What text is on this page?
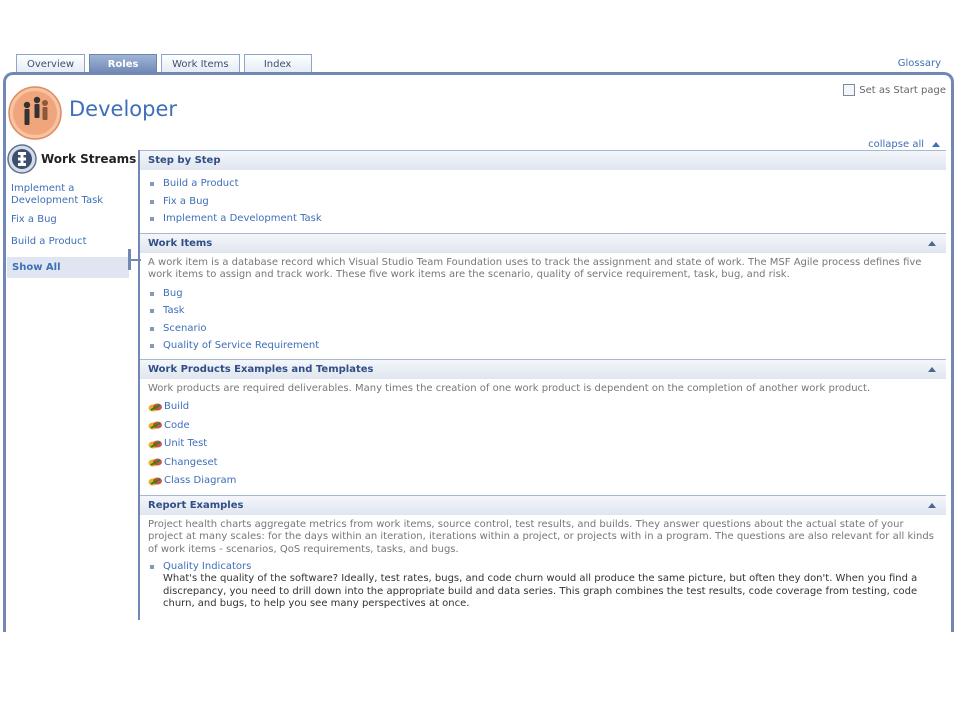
Overview	Roles	Work Items	Index	Glossary
Developer
Set as Start page
Work Streams
Implement a Development Task
Fix a Bug
Build a Product
Show All
collapse all
Step by Step
Build a Product
Fix a Bug
Implement a Development Task
Work Items

A work item is a database record which Visual Studio Team Foundation uses to track the assignment and state of work. The MSF Agile process defines five work items to assign and track work. These five work items are the scenario, quality of service requirement, task, bug, and risk.

Bug
Task
Scenario
Quality of Service Requirement
Work Products Examples and Templates

Work products are required deliverables. Many times the creation of one work product is dependent on the completion of another work product.

Build
Code
Unit Test
Changeset
Class Diagram
Report Examples

Project health charts aggregate metrics from work items, source control, test results, and builds. They answer questions about the actual state of your project at many scales: for the days within an iteration, iterations within a project, or projects with in a program. The questions are also relevant for all kinds of work items - scenarios, QoS requirements, tasks, and bugs.

Quality Indicators

What's the quality of the software? Ideally, test rates, bugs, and code churn would all produce the same picture, but often they don't. When you find a discrepancy, you need to drill down into the appropriate build and data series. This graph combines the test results, code coverage from testing, code churn, and bugs, to help you see many perspectives at once.
